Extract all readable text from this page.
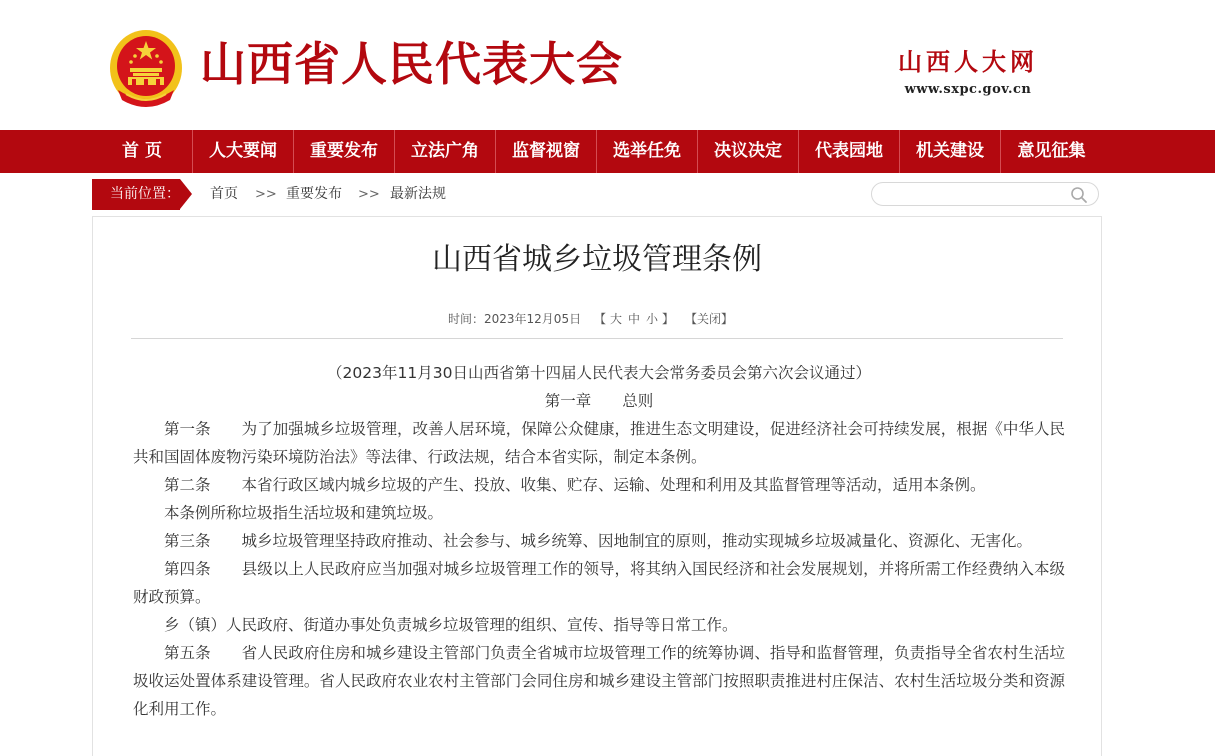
山西省人民代表大会	山西人大网
www.sxpc.gov.cn
首 页	人大要闻	重要发布	立法广角	监督视窗	选举任免	决议决定	代表园地	机关建设	意见征集
当前位置： 首页 >> 重要发布 >> 最新法规
山西省城乡垃圾管理条例
时间：2023年12月05日 【 大 中 小 】 【关闭】

（2023年11月30日山西省第十四届人民代表大会常务委员会第六次会议通过）

第一章　　总则

第一条　　为了加强城乡垃圾管理，改善人居环境，保障公众健康，推进生态文明建设，促进经济社会可持续发展，根据《中华人民共和国固体废物污染环境防治法》等法律、行政法规，结合本省实际，制定本条例。

第二条　　本省行政区域内城乡垃圾的产生、投放、收集、贮存、运输、处理和利用及其监督管理等活动，适用本条例。

本条例所称垃圾指生活垃圾和建筑垃圾。

第三条　　城乡垃圾管理坚持政府推动、社会参与、城乡统筹、因地制宜的原则，推动实现城乡垃圾减量化、资源化、无害化。

第四条　　县级以上人民政府应当加强对城乡垃圾管理工作的领导，将其纳入国民经济和社会发展规划，并将所需工作经费纳入本级财政预算。

乡（镇）人民政府、街道办事处负责城乡垃圾管理的组织、宣传、指导等日常工作。

第五条　　省人民政府住房和城乡建设主管部门负责全省城市垃圾管理工作的统筹协调、指导和监督管理，负责指导全省农村生活垃圾收运处置体系建设管理。省人民政府农业农村主管部门会同住房和城乡建设主管部门按照职责推进村庄保洁、农村生活垃圾分类和资源化利用工作。
